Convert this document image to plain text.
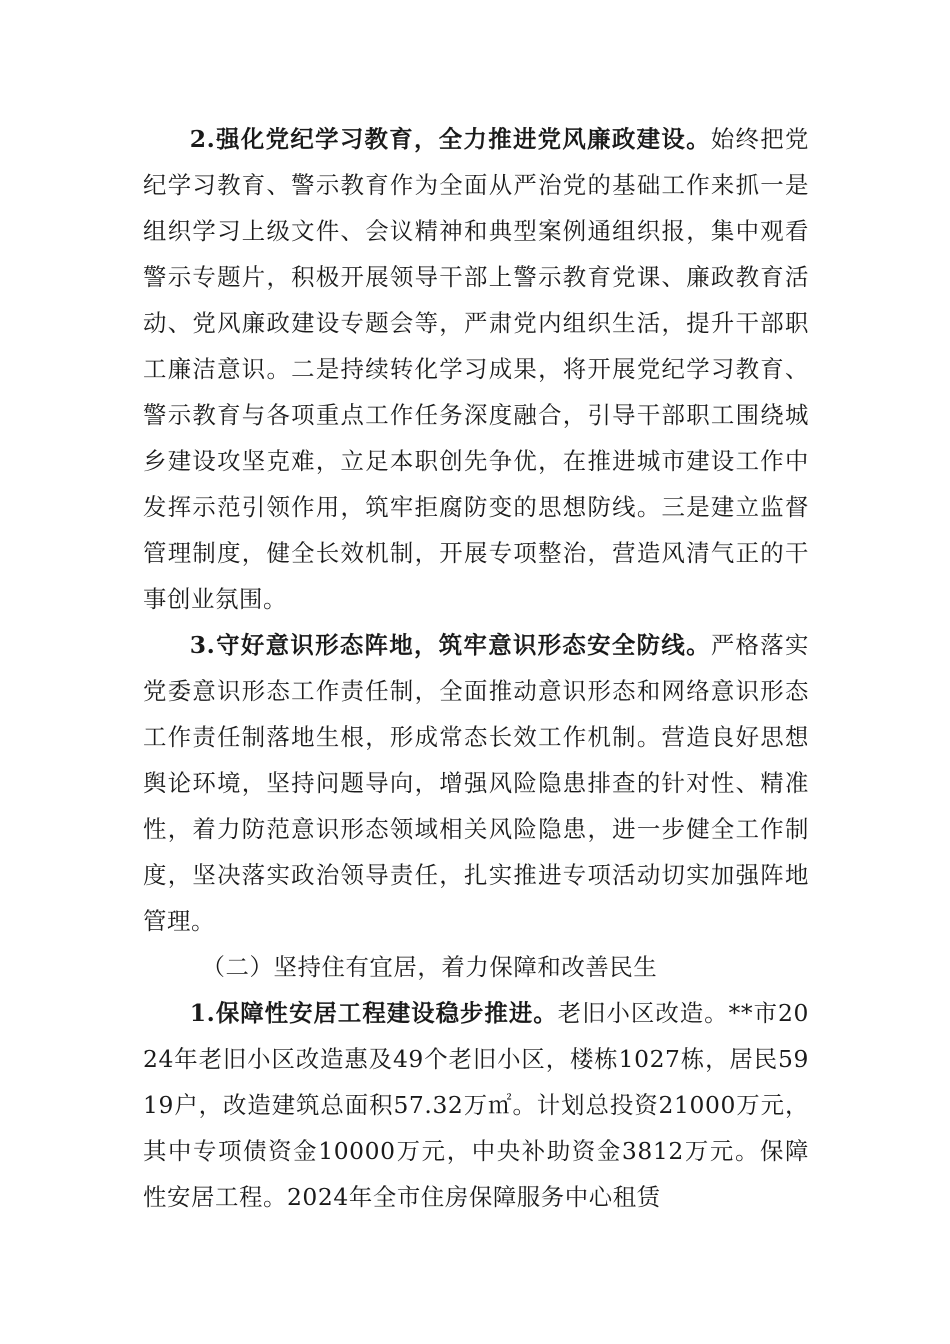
2.强化党纪学习教育，全力推进党风廉政建设。始终把党纪学习教育、警示教育作为全面从严治党的基础工作来抓一是组织学习上级文件、会议精神和典型案例通组织报，集中观看警示专题片，积极开展领导干部上警示教育党课、廉政教育活动、党风廉政建设专题会等，严肃党内组织生活，提升干部职工廉洁意识。二是持续转化学习成果，将开展党纪学习教育、警示教育与各项重点工作任务深度融合，引导干部职工围绕城乡建设攻坚克难，立足本职创先争优，在推进城市建设工作中发挥示范引领作用，筑牢拒腐防变的思想防线。三是建立监督管理制度，健全长效机制，开展专项整治，营造风清气正的干事创业氛围。

3.守好意识形态阵地，筑牢意识形态安全防线。严格落实党委意识形态工作责任制，全面推动意识形态和网络意识形态工作责任制落地生根，形成常态长效工作机制。营造良好思想舆论环境，坚持问题导向，增强风险隐患排查的针对性、精准性，着力防范意识形态领域相关风险隐患，进一步健全工作制度，坚决落实政治领导责任，扎实推进专项活动切实加强阵地管理。

（二）坚持住有宜居，着力保障和改善民生

1.保障性安居工程建设稳步推进。老旧小区改造。**市2024年老旧小区改造惠及49个老旧小区，楼栋1027栋，居民5919户，改造建筑总面积57.32万㎡。计划总投资21000万元，其中专项债资金10000万元，中央补助资金3812万元。保障性安居工程。2024年全市住房保障服务中心租赁
